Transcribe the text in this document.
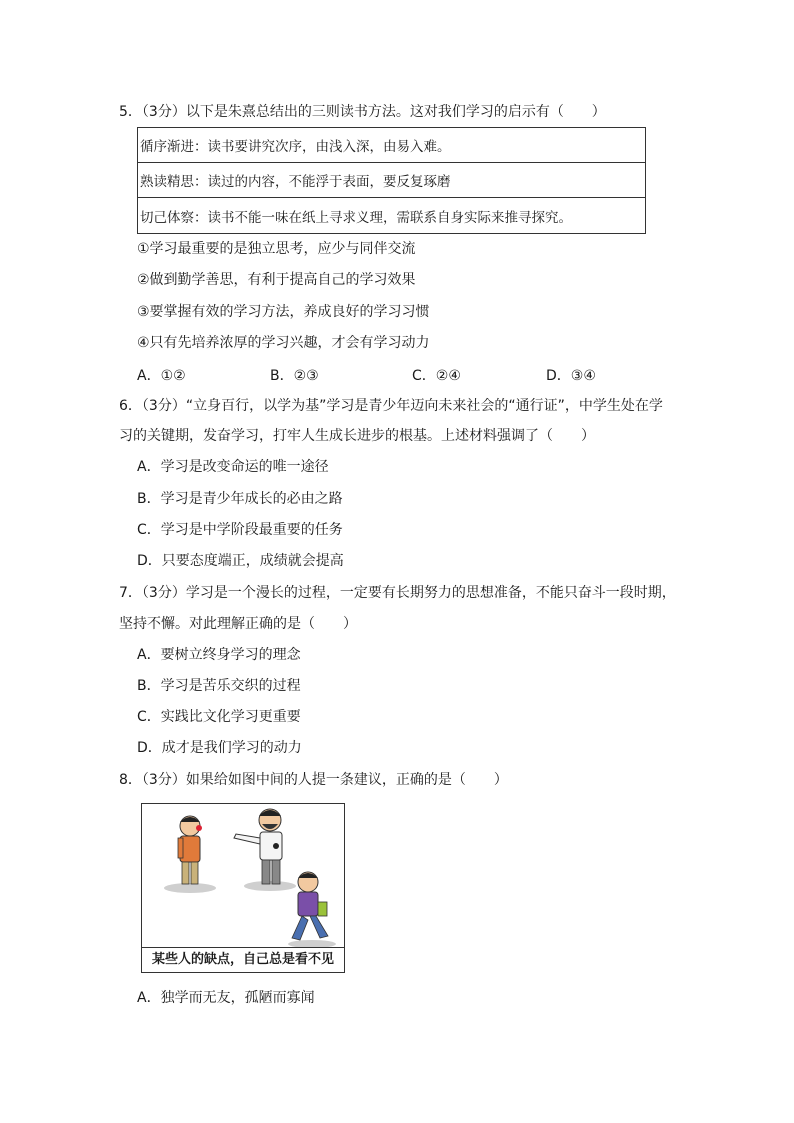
5．（3分）以下是朱熹总结出的三则读书方法。这对我们学习的启示有（　　）
循序渐进：读书要讲究次序，由浅入深，由易入难。
熟读精思：读过的内容，不能浮于表面，要反复琢磨
切己体察：读书不能一味在纸上寻求义理，需联系自身实际来推寻探究。
①学习最重要的是独立思考，应少与同伴交流
②做到勤学善思，有利于提高自己的学习效果
③要掌握有效的学习方法，养成良好的学习习惯
④只有先培养浓厚的学习兴趣，才会有学习动力
A．①②	B．②③	C．②④	D．③④
6．（3分）“立身百行，以学为基”学习是青少年迈向未来社会的“通行证”，中学生处在学
习的关键期，发奋学习，打牢人生成长进步的根基。上述材料强调了（　　）
A．学习是改变命运的唯一途径
B．学习是青少年成长的必由之路
C．学习是中学阶段最重要的任务
D．只要态度端正，成绩就会提高
7．（3分）学习是一个漫长的过程，一定要有长期努力的思想准备，不能只奋斗一段时期，
坚持不懈。对此理解正确的是（　　）
A．要树立终身学习的理念
B．学习是苦乐交织的过程
C．实践比文化学习更重要
D．成才是我们学习的动力
8．（3分）如果给如图中间的人提一条建议，正确的是（　　）
某些人的缺点，自己总是看不见
A．独学而无友，孤陋而寡闻
